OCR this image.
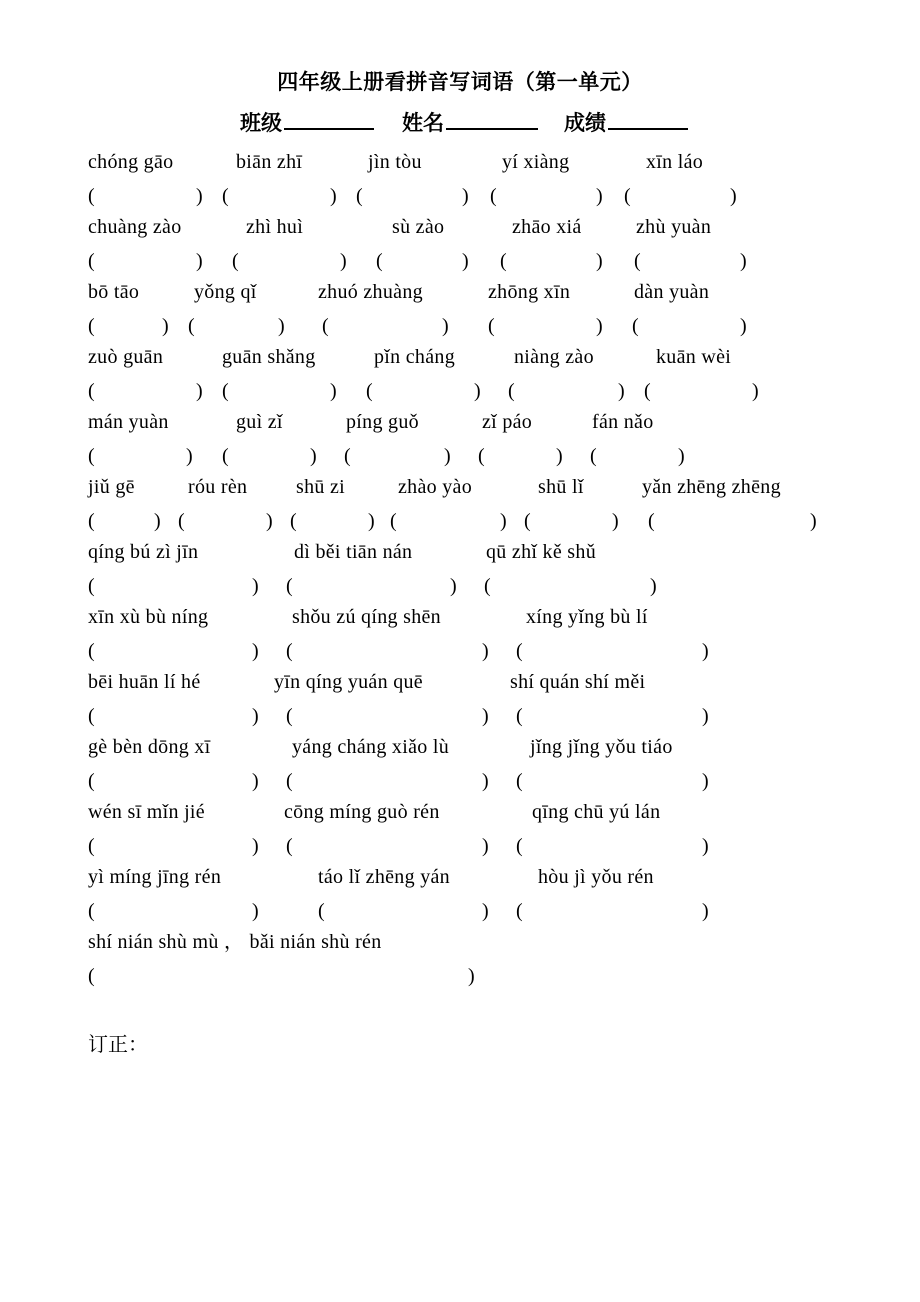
四年级上册看拼音写词语（第一单元）
班级	姓名	成绩
chóng gāo
(	)
biān zhī
(	)
jìn tòu
(	)
yí xiàng
(	)
xīn láo
(	)
chuàng zào
(	)
zhì huì
(	)
sù zào
(	)
zhāo xiá
(	)
zhù yuàn
(	)
bō tāo
(	)
yǒng qǐ
(	)
zhuó zhuàng
(	)
zhōng xīn
(	)
dàn yuàn
(	)
zuò guān
(	)
guān shǎng
(	)
pǐn cháng
(	)
niàng zào
(	)
kuān wèi
(	)
mán yuàn
(	)
guì zǐ
(	)
píng guǒ
(	)
zǐ páo
(	)
fán nǎo
(	)
jiǔ gē
(	)
róu rèn
(	)
shū zi
(	)
zhào yào
(	)
shū lǐ
(	)
yǎn zhēng zhēng
(	)
qíng bú zì jīn
(	)
dì běi tiān nán
(	)
qū zhǐ kě shǔ
(	)
xīn xù bù níng
(	)
shǒu zú qíng shēn
(	)
xíng yǐng bù lí
(	)
bēi huān lí hé
(	)
yīn qíng yuán quē
(	)
shí quán shí měi
(	)
gè bèn dōng xī
(	)
yáng cháng xiǎo lù
(	)
jǐng jǐng yǒu tiáo
(	)
wén sī mǐn jié
(	)
cōng míng guò rén
(	)
qīng chū yú lán
(	)
yì míng jīng rén
(	)
táo lǐ zhēng yán
(	)
hòu jì yǒu rén
(	)
shí nián shù mù ， bǎi nián shù rén
(	)
订正：
